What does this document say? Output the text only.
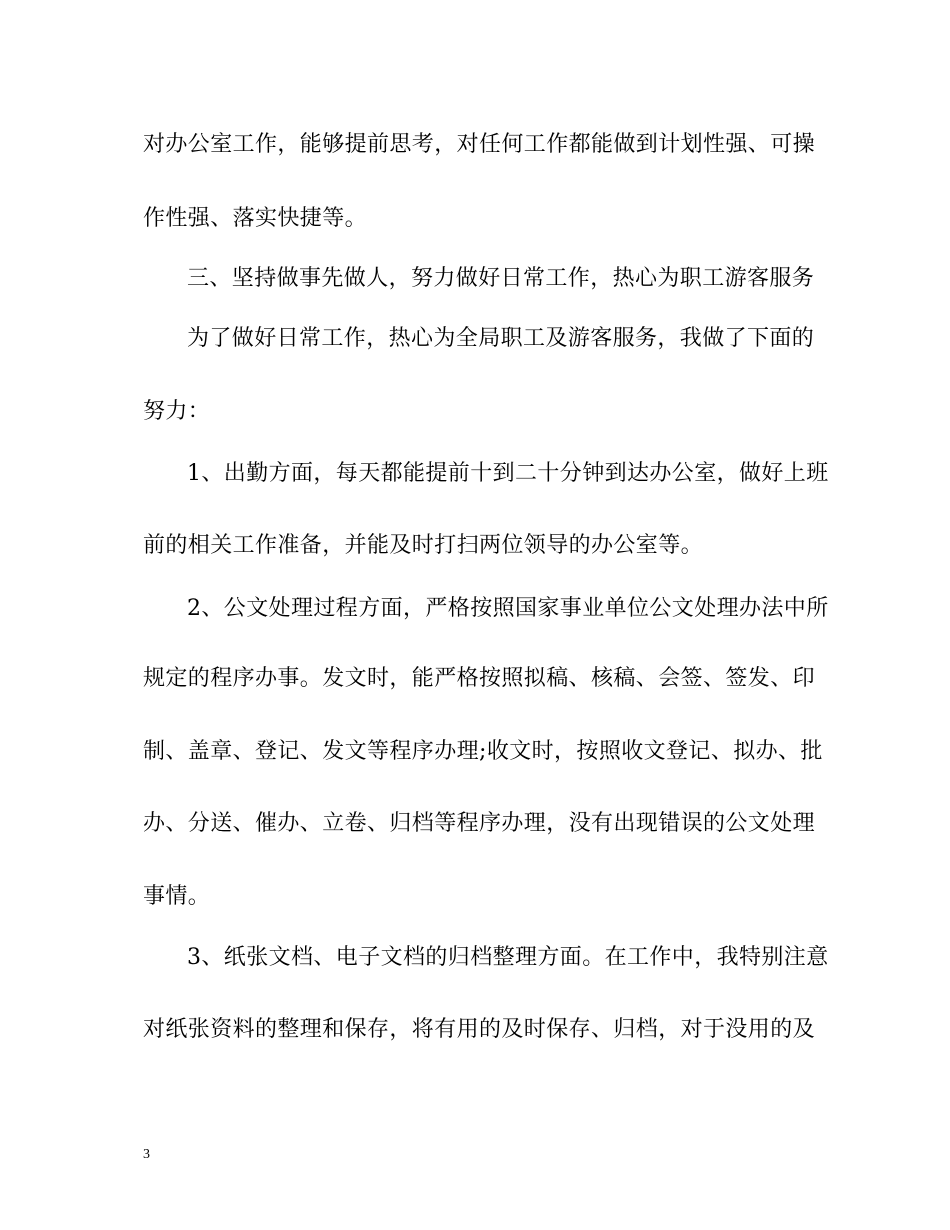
对办公室工作，能够提前思考，对任何工作都能做到计划性强、可操
作性强、落实快捷等。
三、坚持做事先做人，努力做好日常工作，热心为职工游客服务
为了做好日常工作，热心为全局职工及游客服务，我做了下面的
努力：
1、出勤方面，每天都能提前十到二十分钟到达办公室，做好上班
前的相关工作准备，并能及时打扫两位领导的办公室等。
2、公文处理过程方面，严格按照国家事业单位公文处理办法中所
规定的程序办事。发文时，能严格按照拟稿、核稿、会签、签发、印
制、盖章、登记、发文等程序办理;收文时，按照收文登记、拟办、批
办、分送、催办、立卷、归档等程序办理，没有出现错误的公文处理
事情。
3、纸张文档、电子文档的归档整理方面。在工作中，我特别注意
对纸张资料的整理和保存，将有用的及时保存、归档，对于没用的及
3
